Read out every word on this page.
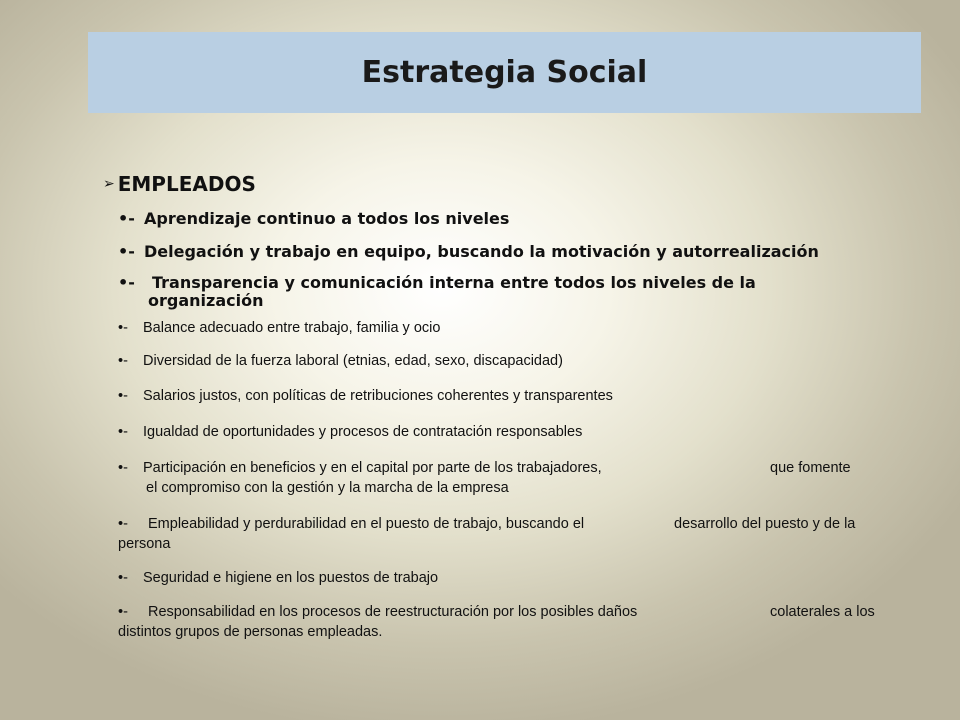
Estrategia Social
➢ EMPLEADOS
•- Aprendizaje continuo a todos los niveles
•- Delegación y trabajo en equipo, buscando la motivación y autorrealización
•- Transparencia y comunicación interna entre todos los niveles de la
organización
•- Balance adecuado entre trabajo, familia y ocio
•- Diversidad de la fuerza laboral (etnias, edad, sexo, discapacidad)
•- Salarios justos, con políticas de retribuciones coherentes y transparentes
•- Igualdad de oportunidades y procesos de contratación responsables
•- Participación en beneficios y en el capital por parte de los trabajadores,	que fomente
el compromiso con la gestión y la marcha de la empresa
•- Empleabilidad y perdurabilidad en el puesto de trabajo, buscando el	desarrollo del puesto y de la
persona
•- Seguridad e higiene en los puestos de trabajo
•- Responsabilidad en los procesos de reestructuración por los posibles daños	colaterales a los
distintos grupos de personas empleadas.
